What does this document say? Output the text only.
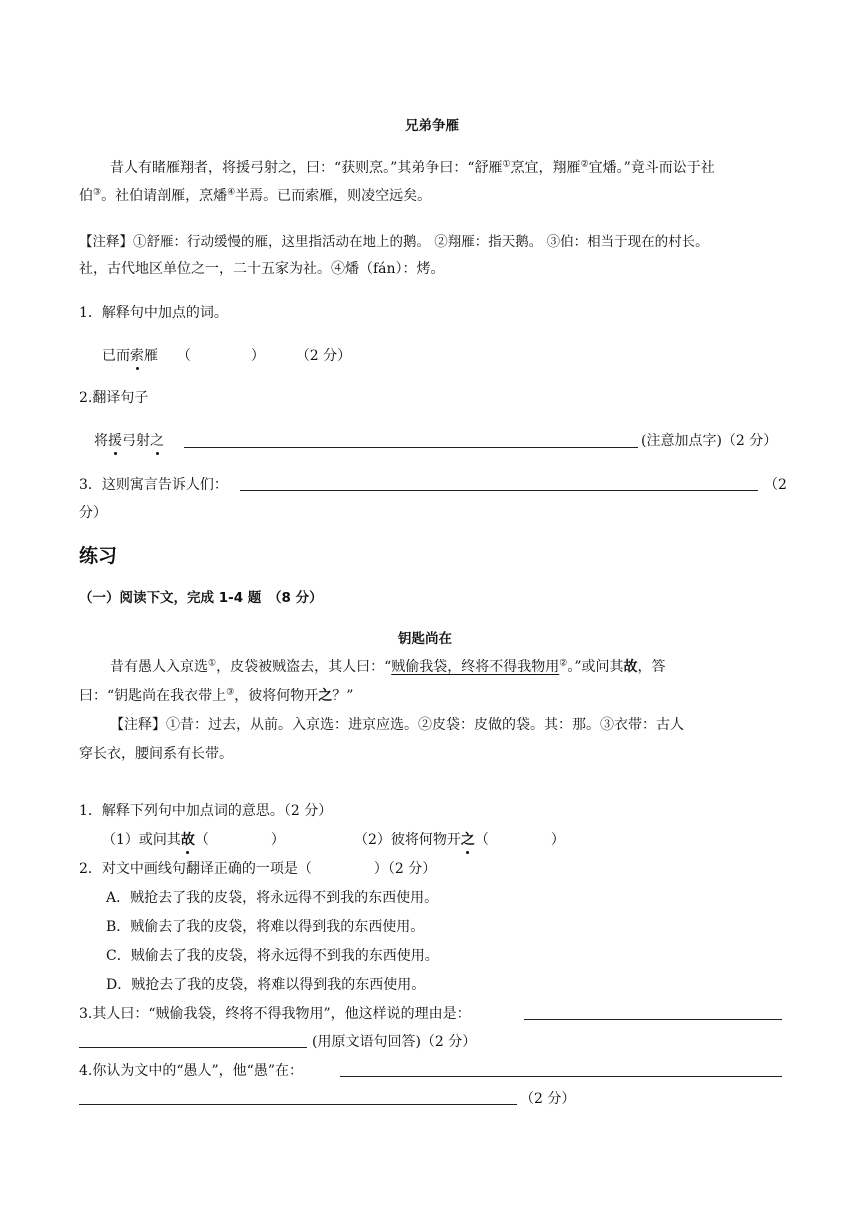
兄弟争雁
昔人有睹雁翔者，将援弓射之，曰：“获则烹。”其弟争曰：“舒雁①烹宜，翔雁②宜燔。”竟斗而讼于社
伯③。社伯请剖雁，烹燔④半焉。已而索雁，则凌空远矣。
【注释】①舒雁：行动缓慢的雁，这里指活动在地上的鹅。 ②翔雁：指天鹅。 ③伯：相当于现在的村长。
社，古代地区单位之一，二十五家为社。④燔（fán）：烤。
1．解释句中加点的词。
已而索雁 （	） （2 分）
2.翻译句子
将援弓射之	(注意加点字)（2 分）
3．这则寓言告诉人们：	（2
分）
练习
（一）阅读下文，完成 1-4 题　（8 分）
钥匙尚在
昔有愚人入京选①，皮袋被贼盗去，其人曰：“贼偷我袋，终将不得我物用②。”或问其故，答
曰：“钥匙尚在我衣带上③，彼将何物开之？”
【注释】①昔：过去，从前。入京选：进京应选。②皮袋：皮做的袋。其：那。③衣带：古人
穿长衣，腰间系有长带。
1．解释下列句中加点词的意思。（2 分）
（1）或问其故（	）	（2）彼将何物开之（	）
2．对文中画线句翻译正确的一项是（	）（2 分）
A．贼抢去了我的皮袋，将永远得不到我的东西使用。
B．贼偷去了我的皮袋，将难以得到我的东西使用。
C．贼偷去了我的皮袋，将永远得不到我的东西使用。
D．贼抢去了我的皮袋，将难以得到我的东西使用。
3.其人曰：“贼偷我袋，终将不得我物用”，他这样说的理由是：
(用原文语句回答)（2 分）
4.你认为文中的“愚人”，他“愚”在：
（2 分）
